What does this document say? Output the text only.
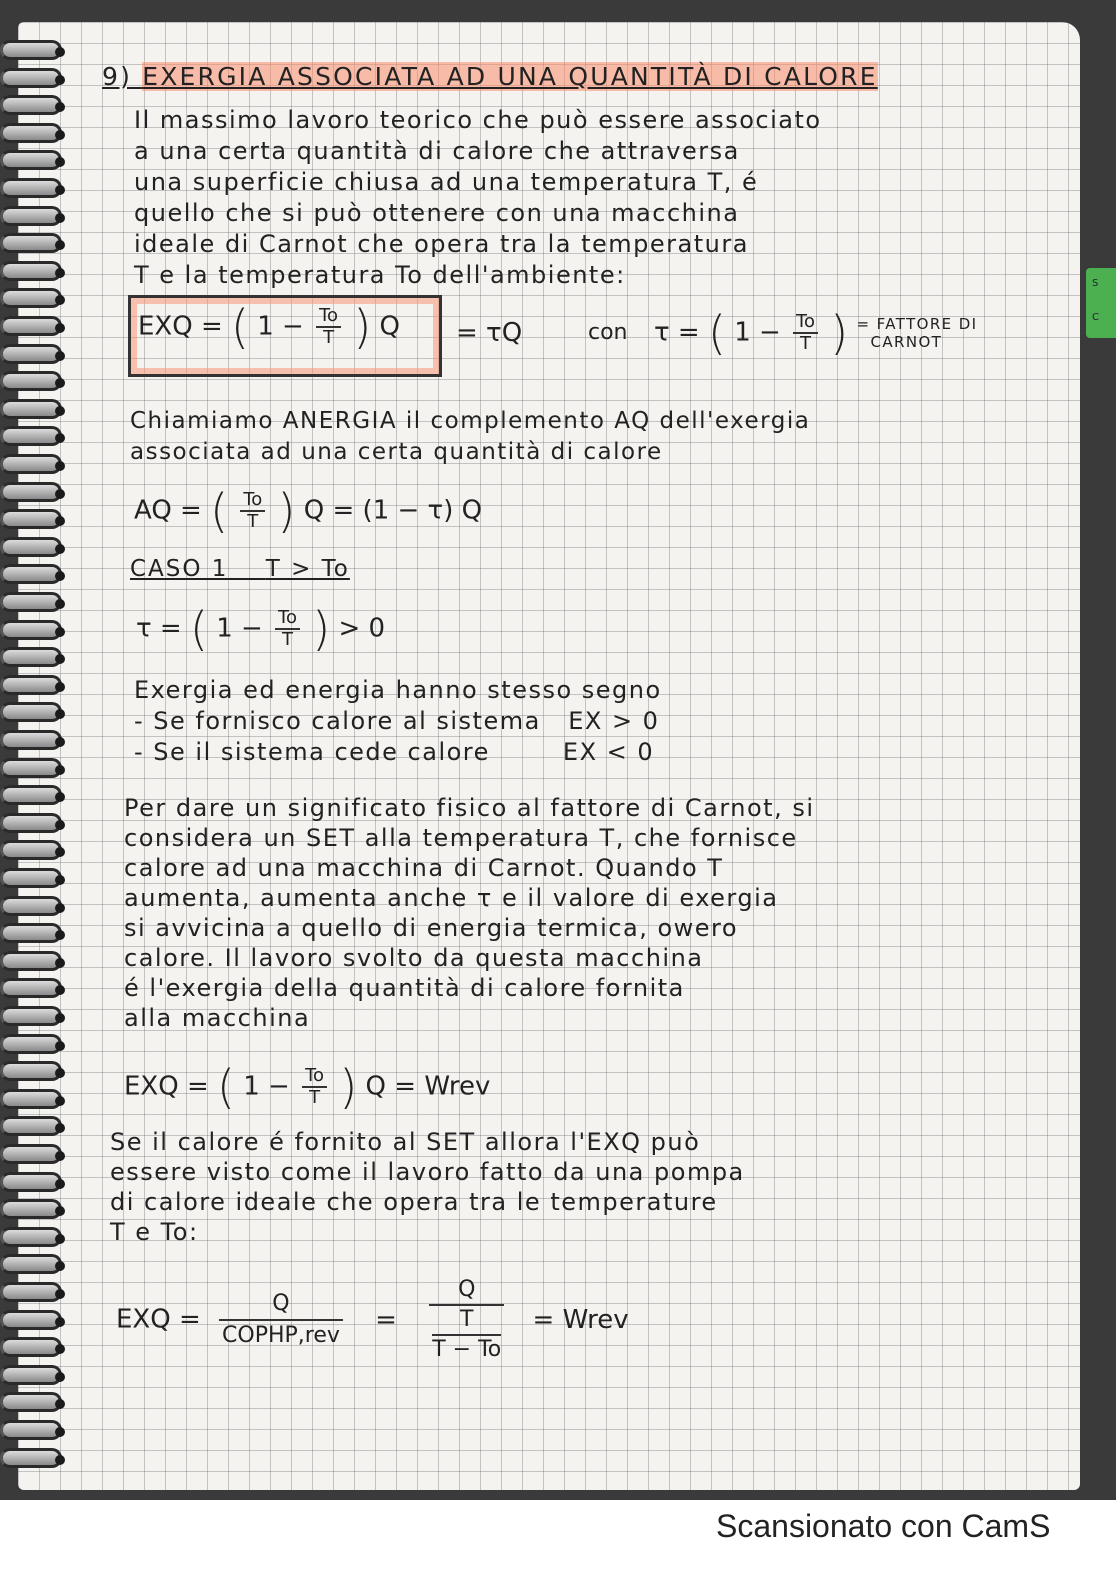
S
C
9) EXERGIA ASSOCIATA AD UNA QUANTITÀ DI CALORE
Il massimo lavoro teorico che può essere associato
a una certa quantità di calore che attraversa
una superficie chiusa ad una temperatura T, é
quello che si può ottenere con una macchina
ideale di Carnot che opera tra la temperatura
T e la temperatura To dell'ambiente:
EXQ = ( $1 - \frac{To}{T}$ ) Q = τQ	con τ = ( $1 - \frac{To}{T}$ ) = FATTORE DI
CARNOT
Chiamiamo ANERGIA il complemento AQ dell'exergia
associata ad una certa quantità di calore
AQ = ( $\frac{To}{T}$ ) Q = (1 − τ) Q
CASO 1 T > To
τ = ( $1 - \frac{To}{T}$ ) > 0
Exergia ed energia hanno stesso segno
- Se fornisco calore al sistema   EX > 0
- Se il sistema cede calore        EX < 0
Per dare un significato fisico al fattore di Carnot, si
considera un SET alla temperatura T, che fornisce
calore ad una macchina di Carnot. Quando T
aumenta, aumenta anche τ e il valore di exergia
si avvicina a quello di energia termica, owero
calore. Il lavoro svolto da questa macchina
é l'exergia della quantità di calore fornita
alla macchina
EXQ = ( $1 - \frac{To}{T}$ ) Q = Wrev
Se il calore é fornito al SET allora l'EXQ può
essere visto come il lavoro fatto da una pompa
di calore ideale che opera tra le temperature
T e To:
EXQ = $\frac{Q}{\text{COPHP,rev}} = Q$
T
T − To = Wrev
Scansionato con CamS
